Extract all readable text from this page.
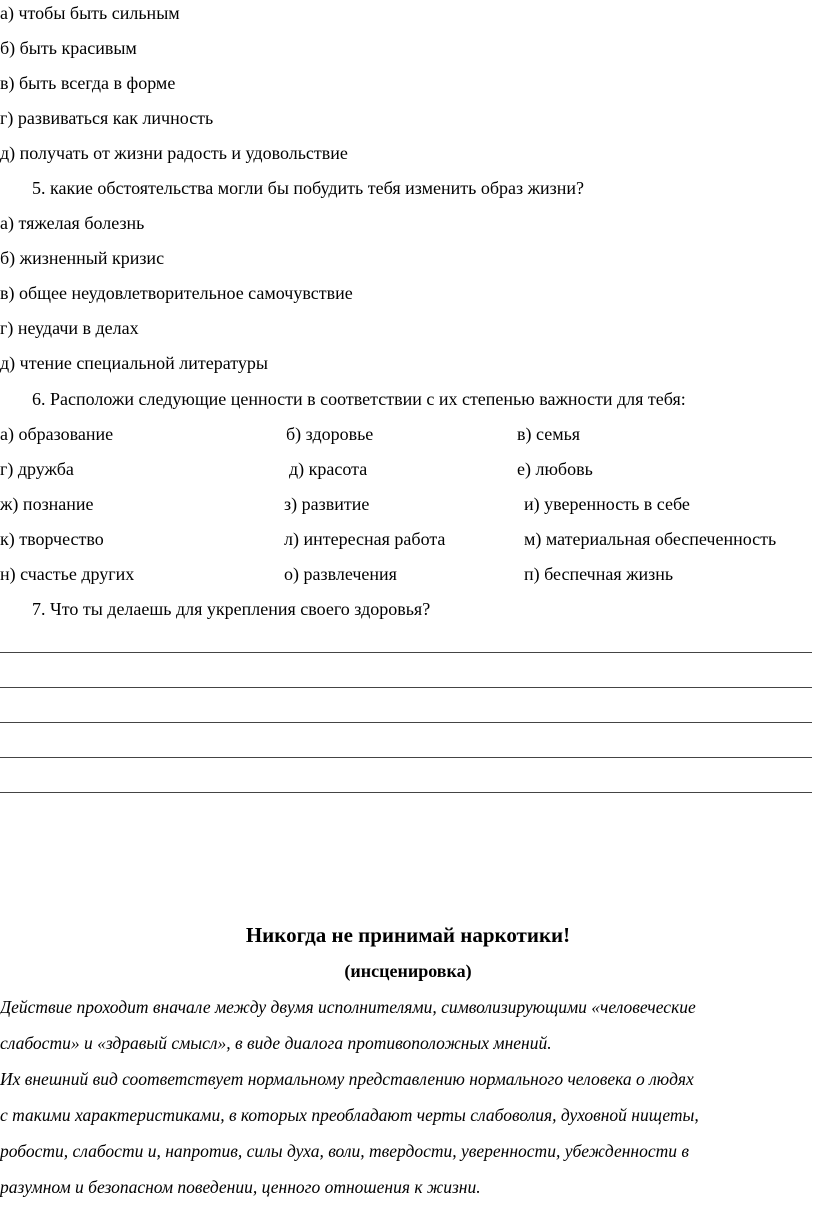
а) чтобы быть сильным
б) быть красивым
в) быть всегда в форме
г) развиваться как личность
д) получать от жизни радость и удовольствие
5. какие обстоятельства могли бы побудить тебя изменить образ жизни?
а) тяжелая болезнь
б) жизненный кризис
в) общее неудовлетворительное самочувствие
г) неудачи в делах
д) чтение специальной литературы
6. Расположи следующие ценности в соответствии с их степенью важности для тебя:
а) образование	б) здоровье	в) семья
г) дружба	д) красота	е) любовь
ж) познание	з) развитие	и) уверенность в себе
к) творчество	л) интересная работа	м) материальная обеспеченность
н) счастье других	о) развлечения	п) беспечная жизнь
7. Что ты делаешь для укрепления своего здоровья?
Никогда не принимай наркотики!
(инсценировка)
Действие проходит вначале между двумя исполнителями, символизирующими «человеческие
слабости» и «здравый смысл», в виде диалога противоположных мнений.
Их внешний вид соответствует нормальному представлению нормального человека о людях
с такими характеристиками, в которых преобладают черты слабоволия, духовной нищеты,
робости, слабости и, напротив, силы духа, воли, твердости, уверенности, убежденности в
разумном и безопасном поведении, ценного отношения к жизни.
